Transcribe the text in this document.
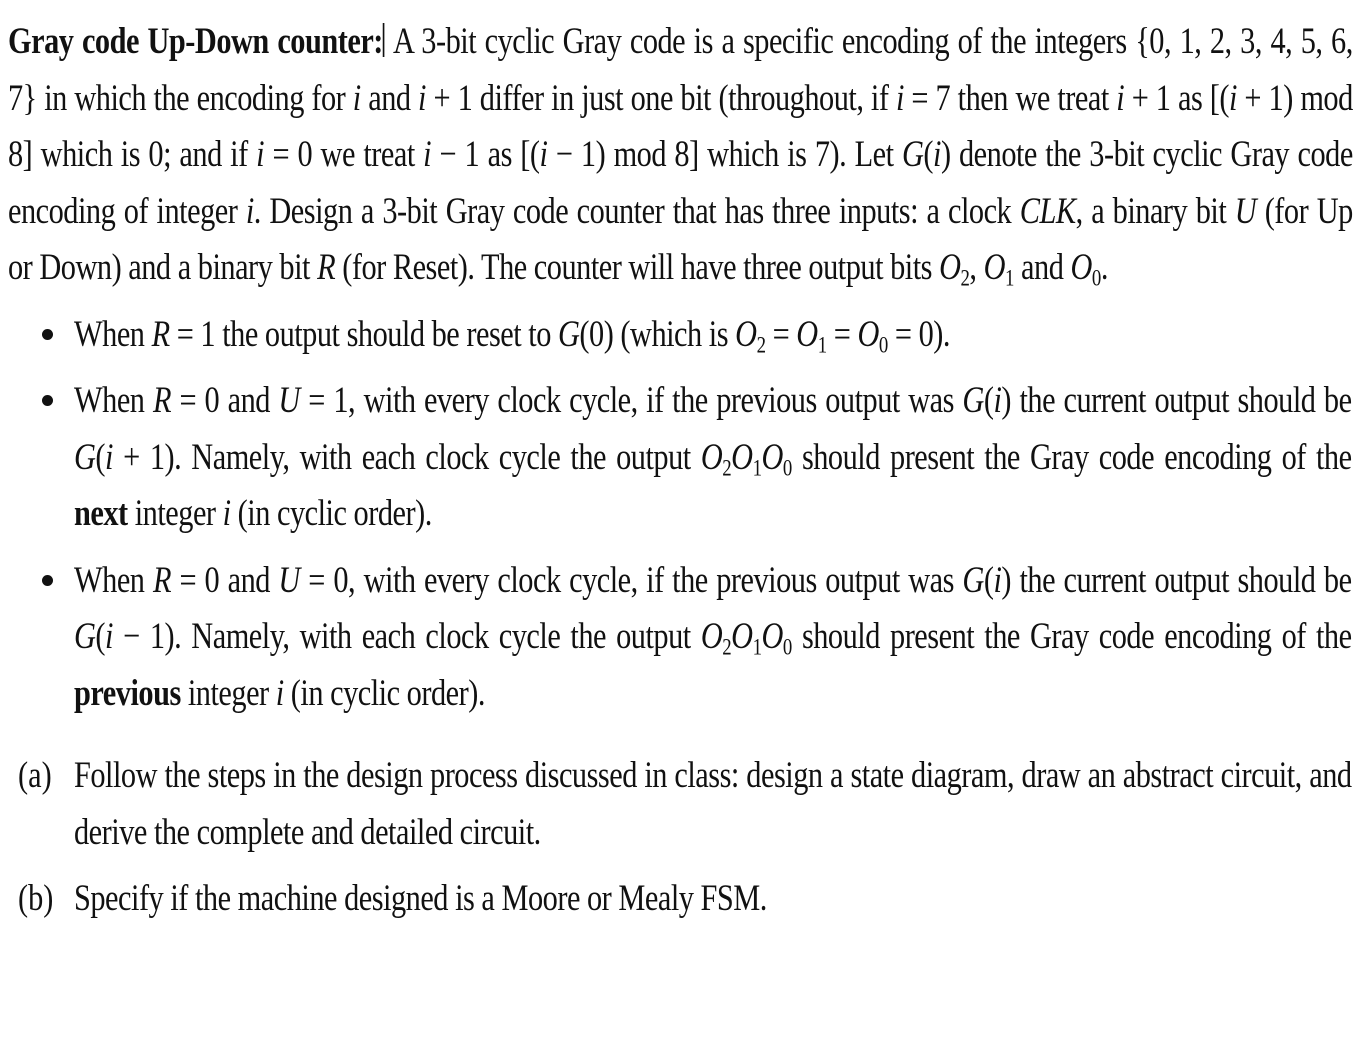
Gray code Up-Down counter: A 3-bit cyclic Gray code is a specific encoding of the integers {0, 1, 2, 3, 4, 5, 6, 7} in which the encoding for i and i + 1 differ in just one bit (throughout, if i = 7 then we treat i + 1 as [(i + 1) mod 8] which is 0; and if i = 0 we treat i − 1 as [(i − 1) mod 8] which is 7). Let G(i) denote the 3-bit cyclic Gray code encoding of integer i. Design a 3-bit Gray code counter that has three inputs: a clock CLK, a binary bit U (for Up or Down) and a binary bit R (for Reset). The counter will have three output bits $O_2$, $O_1$ and $O_0$.
When R = 1 the output should be reset to G(0) (which is $O_2 = O_1 = O_0 = 0$).
When R = 0 and U = 1, with every clock cycle, if the previous output was G(i) the current output should be G(i + 1). Namely, with each clock cycle the output $O_2O_1O_0$ should present the Gray code encoding of the next integer i (in cyclic order).
When R = 0 and U = 0, with every clock cycle, if the previous output was G(i) the current output should be G(i − 1). Namely, with each clock cycle the output $O_2O_1O_0$ should present the Gray code encoding of the previous integer i (in cyclic order).
(a) Follow the steps in the design process discussed in class: design a state diagram, draw an abstract circuit, and derive the complete and detailed circuit.
(b) Specify if the machine designed is a Moore or Mealy FSM.
